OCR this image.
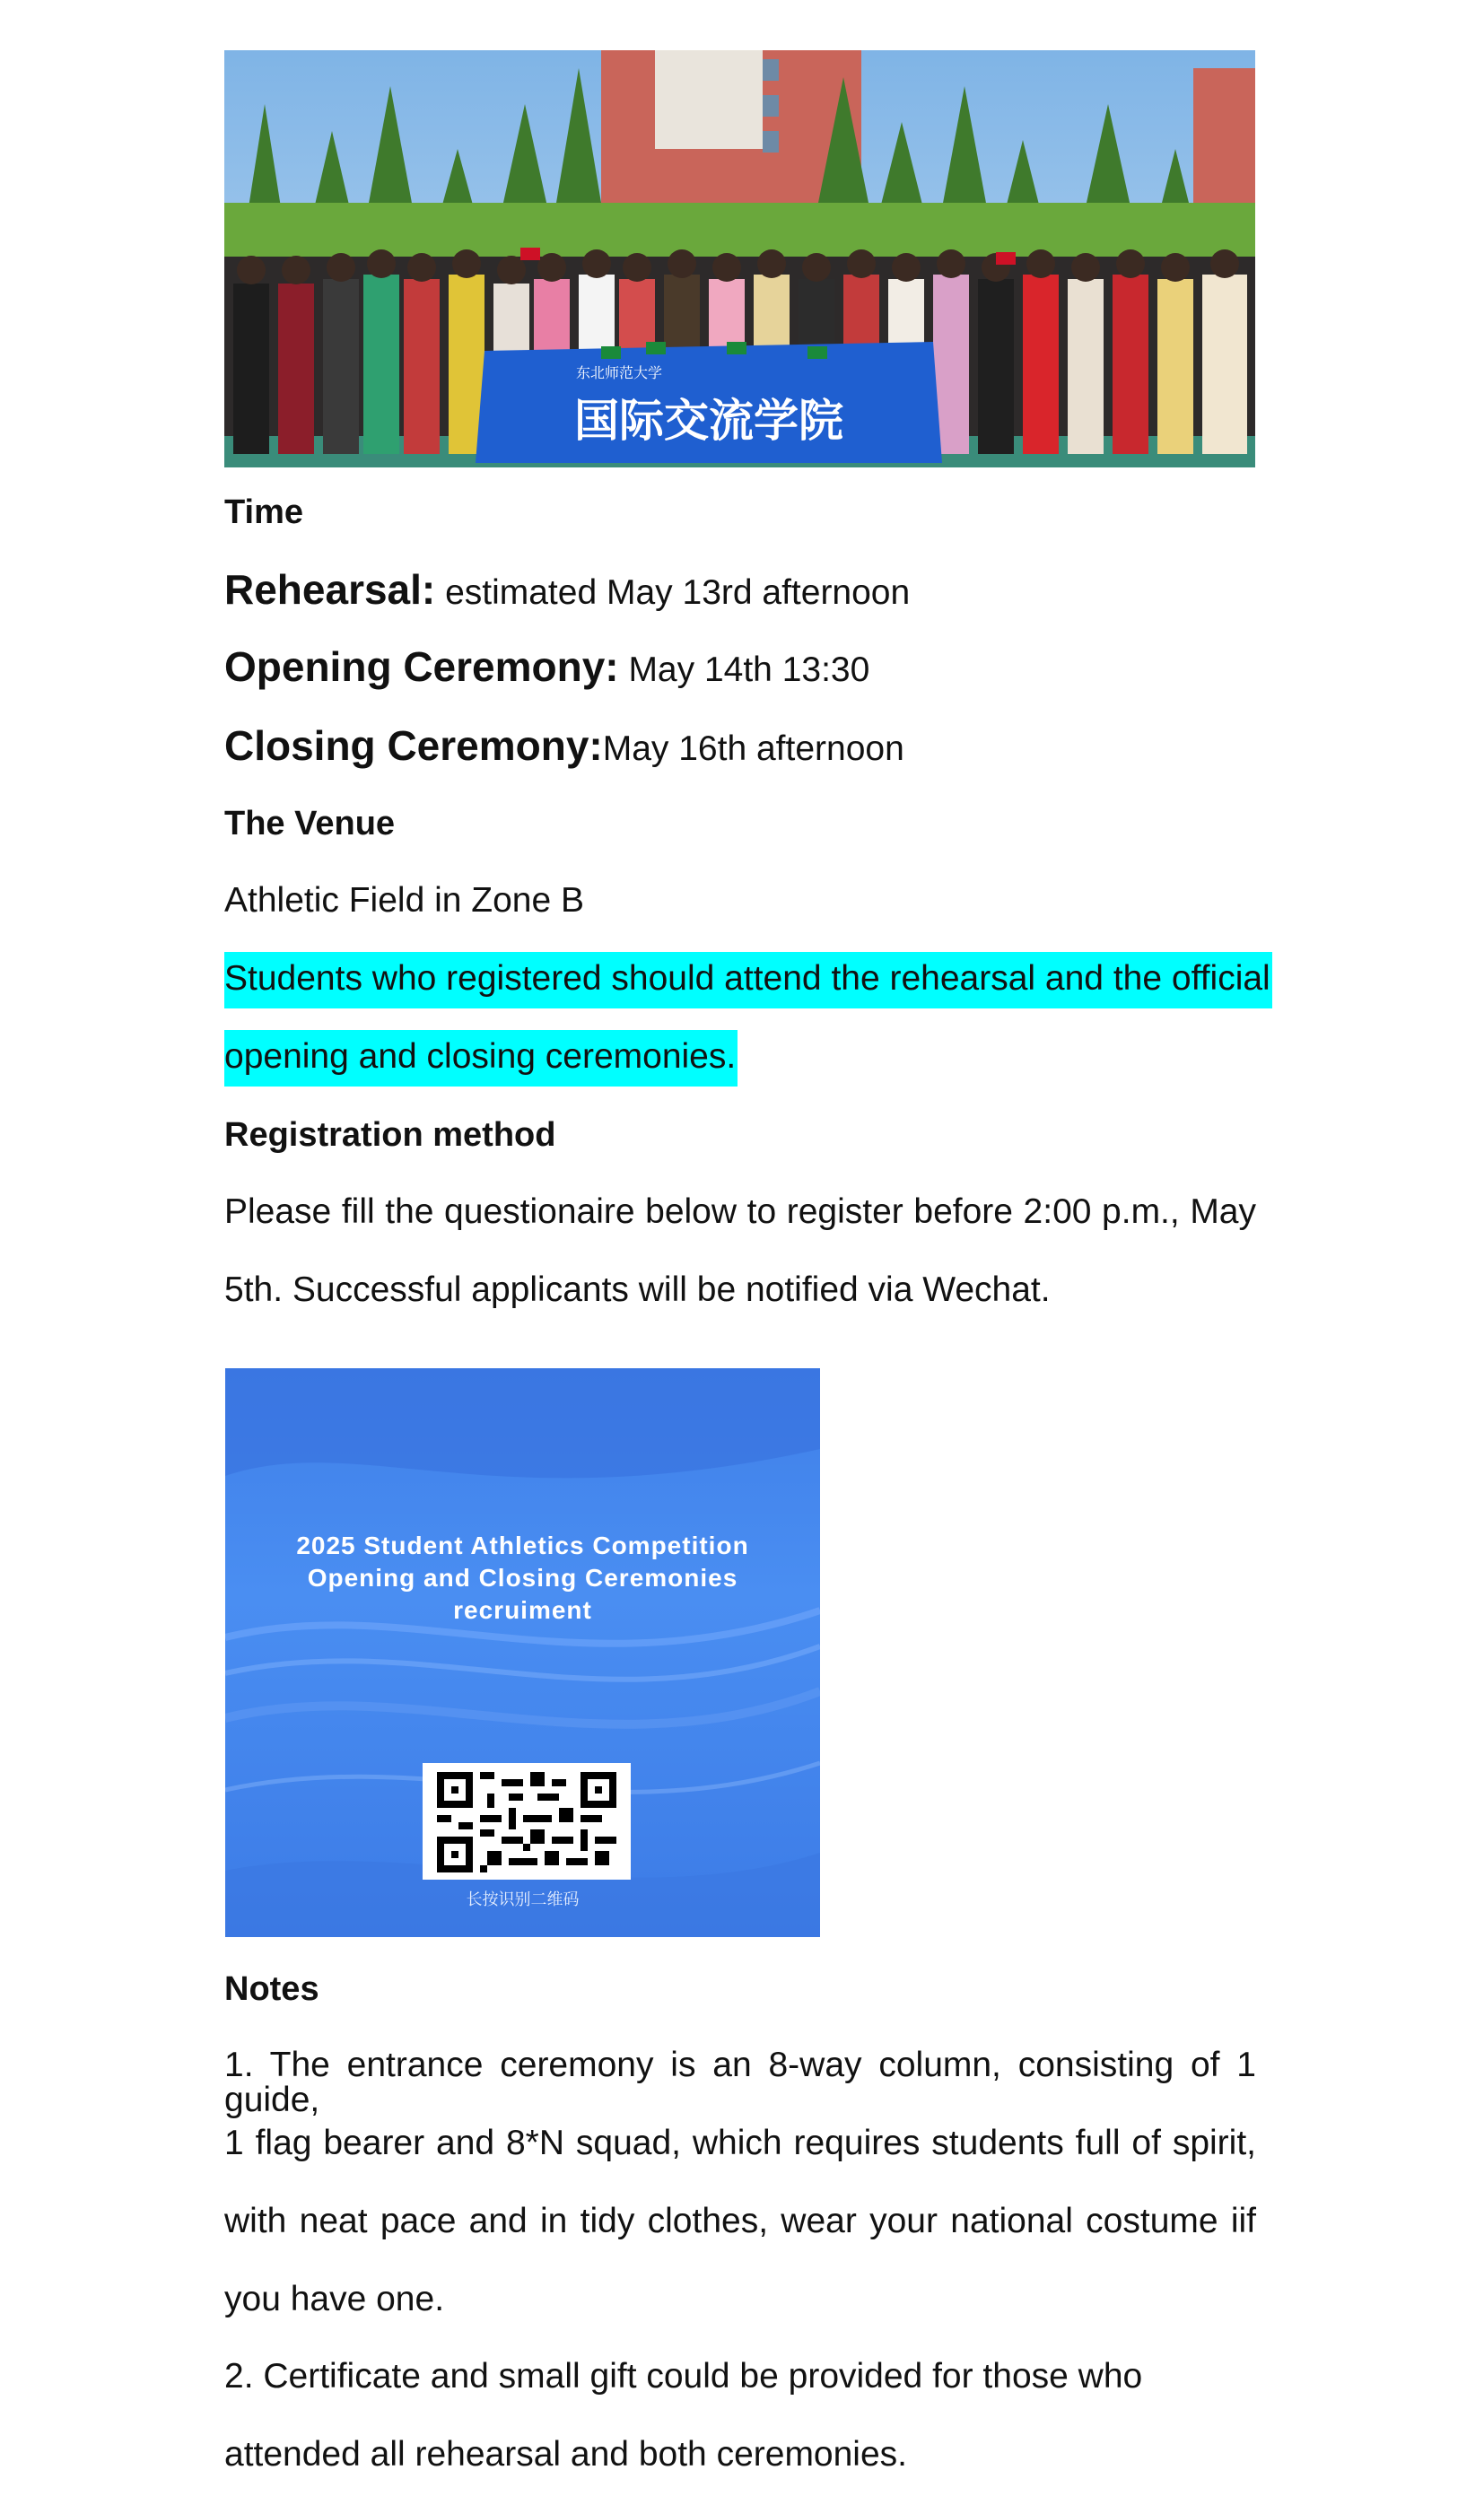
国际交流学院
东北师范大学
Time
Rehearsal: estimated May 13rd afternoon
Opening Ceremony: May 14th 13:30
Closing Ceremony:May 16th afternoon
The Venue
Athletic Field in Zone B
Students who registered should attend the rehearsal and the official
opening and closing ceremonies.
Registration method
Please fill the questionaire below to register before 2:00 p.m., May
5th. Successful applicants will be notified via Wechat.
2025 Student Athletics Competition Opening and Closing Ceremonies recruiment
长按识别二维码
Notes
1. The entrance ceremony is an 8-way column, consisting of 1 guide,
1 flag bearer and 8*N squad, which requires students full of spirit,
with neat pace and in tidy clothes, wear your national costume iif
you have one.
2. Certificate and small gift could be provided for those who
attended all rehearsal and both ceremonies.
